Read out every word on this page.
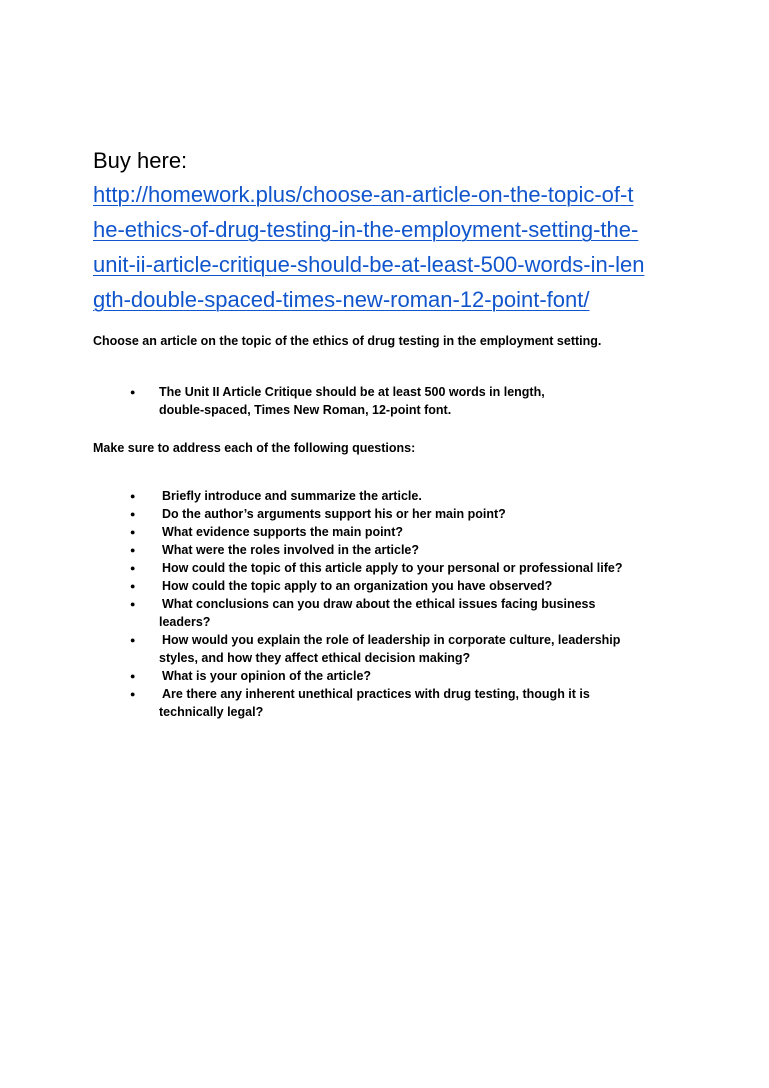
Buy here:
http://homework.plus/choose-an-article-on-the-topic-of-t
he-ethics-of-drug-testing-in-the-employment-setting-the-
unit-ii-article-critique-should-be-at-least-500-words-in-len
gth-double-spaced-times-new-roman-12-point-font/
Choose an article on the topic of the ethics of drug testing in the employment setting.
● The Unit II Article Critique should be at least 500 words in length,
double-spaced, Times New Roman, 12-point font.
Make sure to address each of the following questions:
● Briefly introduce and summarize the article.
● Do the author’s arguments support his or her main point?
● What evidence supports the main point?
● What were the roles involved in the article?
● How could the topic of this article apply to your personal or professional life?
● How could the topic apply to an organization you have observed?
● What conclusions can you draw about the ethical issues facing business
leaders?
● How would you explain the role of leadership in corporate culture, leadership
styles, and how they affect ethical decision making?
● What is your opinion of the article?
● Are there any inherent unethical practices with drug testing, though it is
technically legal?
